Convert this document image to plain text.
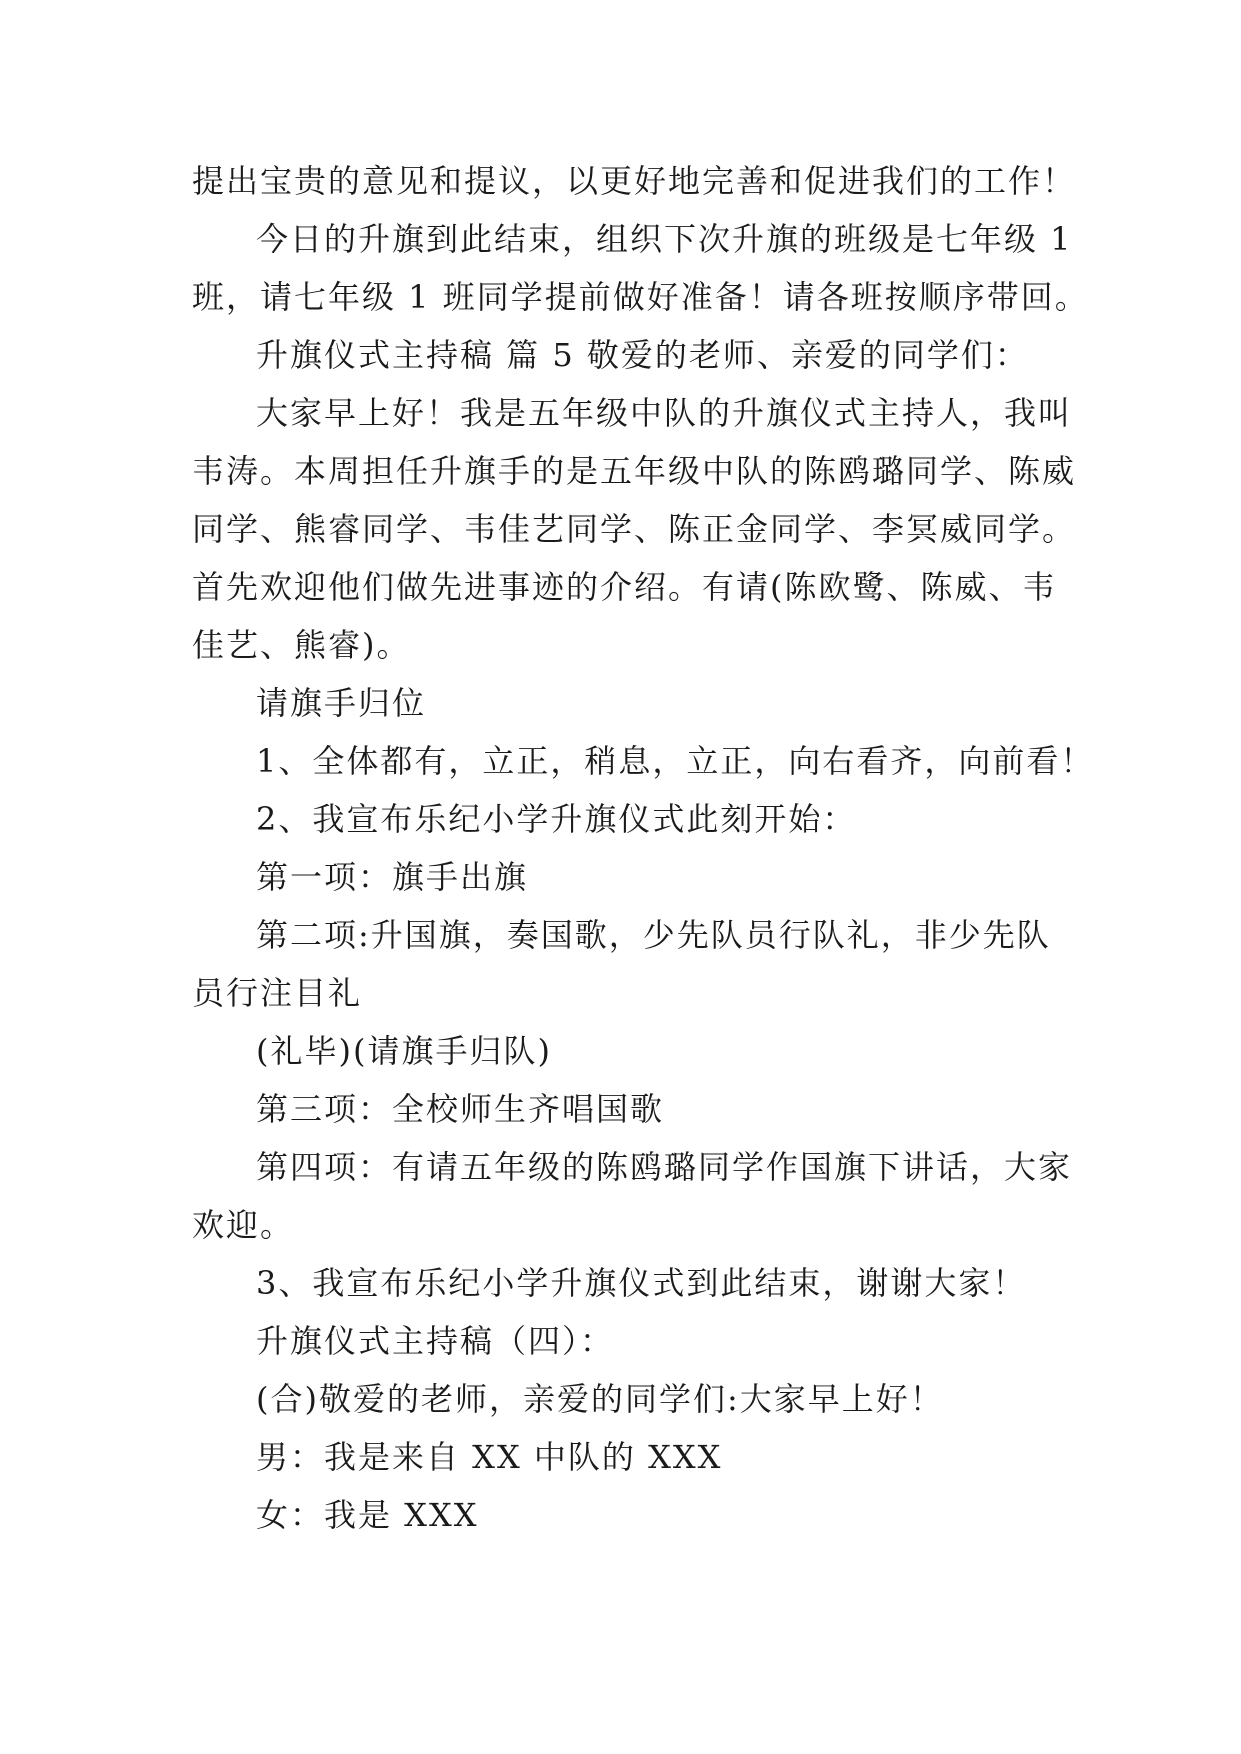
提出宝贵的意见和提议，以更好地完善和促进我们的工作！

今日的升旗到此结束，组织下次升旗的班级是七年级 1
班，请七年级 1 班同学提前做好准备！请各班按顺序带回。

升旗仪式主持稿 篇 5 敬爱的老师、亲爱的同学们：

大家早上好！我是五年级中队的升旗仪式主持人，我叫
韦涛。本周担任升旗手的是五年级中队的陈鸥璐同学、陈威
同学、熊睿同学、韦佳艺同学、陈正金同学、李冥威同学。
首先欢迎他们做先进事迹的介绍。有请(陈欧鹭、陈威、韦
佳艺、熊睿)。

请旗手归位

1、全体都有，立正，稍息，立正，向右看齐，向前看！

2、我宣布乐纪小学升旗仪式此刻开始：

第一项：旗手出旗

第二项:升国旗，奏国歌，少先队员行队礼，非少先队
员行注目礼

(礼毕)(请旗手归队)

第三项：全校师生齐唱国歌

第四项：有请五年级的陈鸥璐同学作国旗下讲话，大家
欢迎。

3、我宣布乐纪小学升旗仪式到此结束，谢谢大家！

升旗仪式主持稿（四）：

(合)敬爱的老师，亲爱的同学们:大家早上好！

男：我是来自 XX 中队的 XXX

女：我是 XXX
